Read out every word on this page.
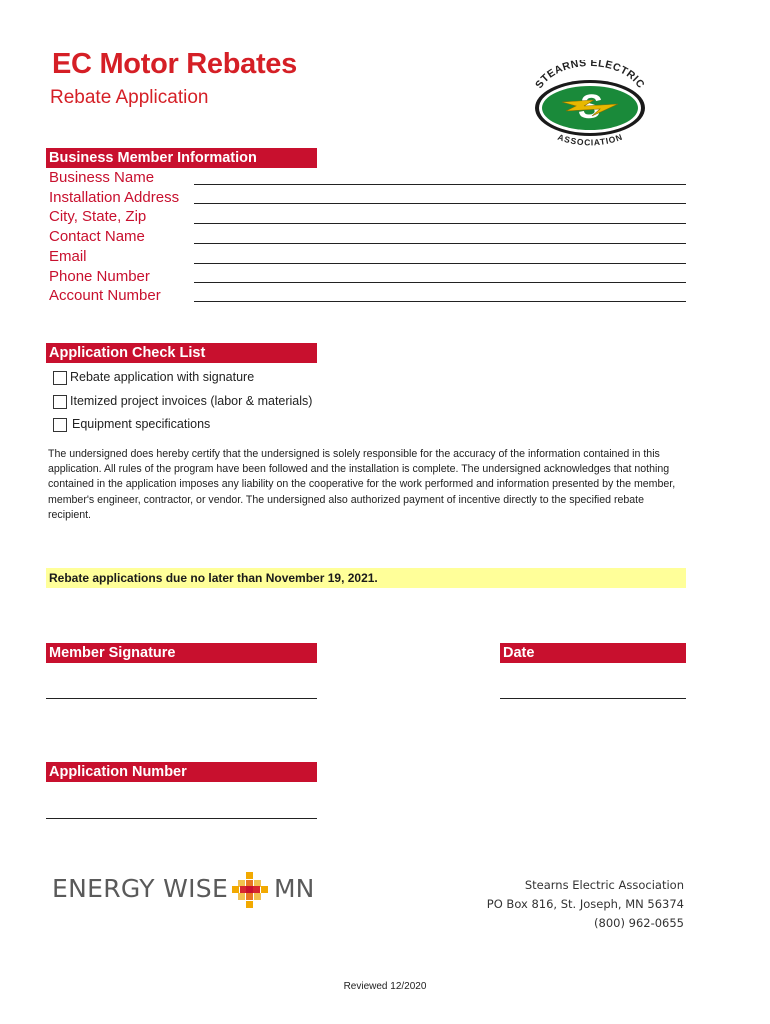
EC Motor Rebates
Rebate Application
STEARNS ELECTRIC
ASSOCIATION
Business Member Information
Business Name
Installation Address
City, State, Zip
Contact Name
Email
Phone Number
Account Number
Application Check List
Rebate application with signature
Itemized project invoices (labor & materials)
Equipment specifications
The undersigned does hereby certify that the undersigned is solely responsible for the accuracy of the information contained in this application. All rules of the program have been followed and the installation is complete. The undersigned acknowledges that nothing contained in the application imposes any liability on the cooperative for the work performed and information presented by the member, member's engineer, contractor, or vendor. The undersigned also authorized payment of incentive directly to the specified rebate recipient.
Rebate applications due no later than November 19, 2021.
Member Signature	Date
Application Number
ENERGY WISE MN	Stearns Electric Association
PO Box 816, St. Joseph, MN 56374
(800) 962-0655
Reviewed 12/2020
